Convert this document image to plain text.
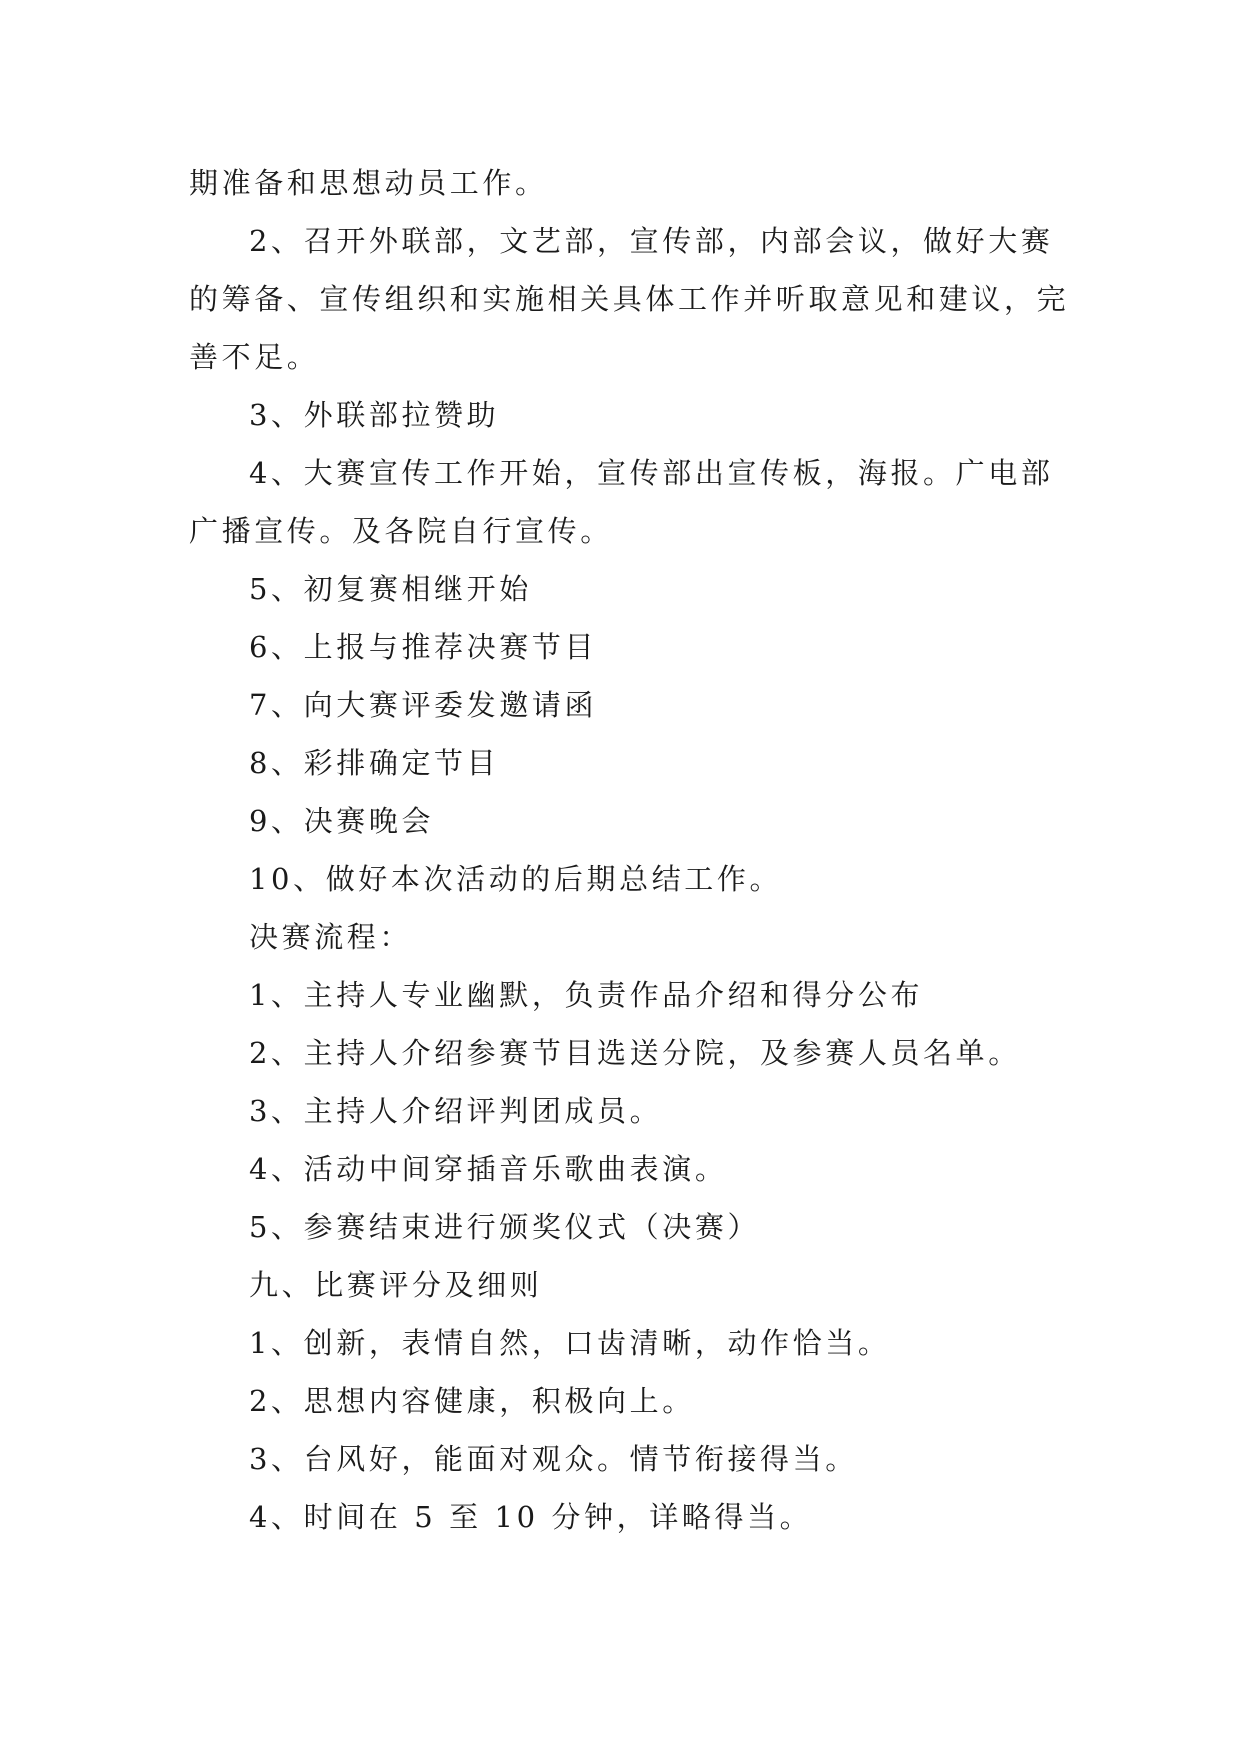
期准备和思想动员工作。

2、召开外联部，文艺部，宣传部，内部会议，做好大赛的筹备、宣传组织和实施相关具体工作并听取意见和建议，完善不足。

3、外联部拉赞助

4、大赛宣传工作开始，宣传部出宣传板，海报。广电部广播宣传。及各院自行宣传。

5、初复赛相继开始

6、上报与推荐决赛节目

7、向大赛评委发邀请函

8、彩排确定节目

9、决赛晚会

10、做好本次活动的后期总结工作。

决赛流程：

1、主持人专业幽默，负责作品介绍和得分公布

2、主持人介绍参赛节目选送分院，及参赛人员名单。

3、主持人介绍评判团成员。

4、活动中间穿插音乐歌曲表演。

5、参赛结束进行颁奖仪式（决赛）

九、比赛评分及细则

1、创新，表情自然，口齿清晰，动作恰当。

2、思想内容健康，积极向上。

3、台风好，能面对观众。情节衔接得当。

4、时间在 5 至 10 分钟，详略得当。
